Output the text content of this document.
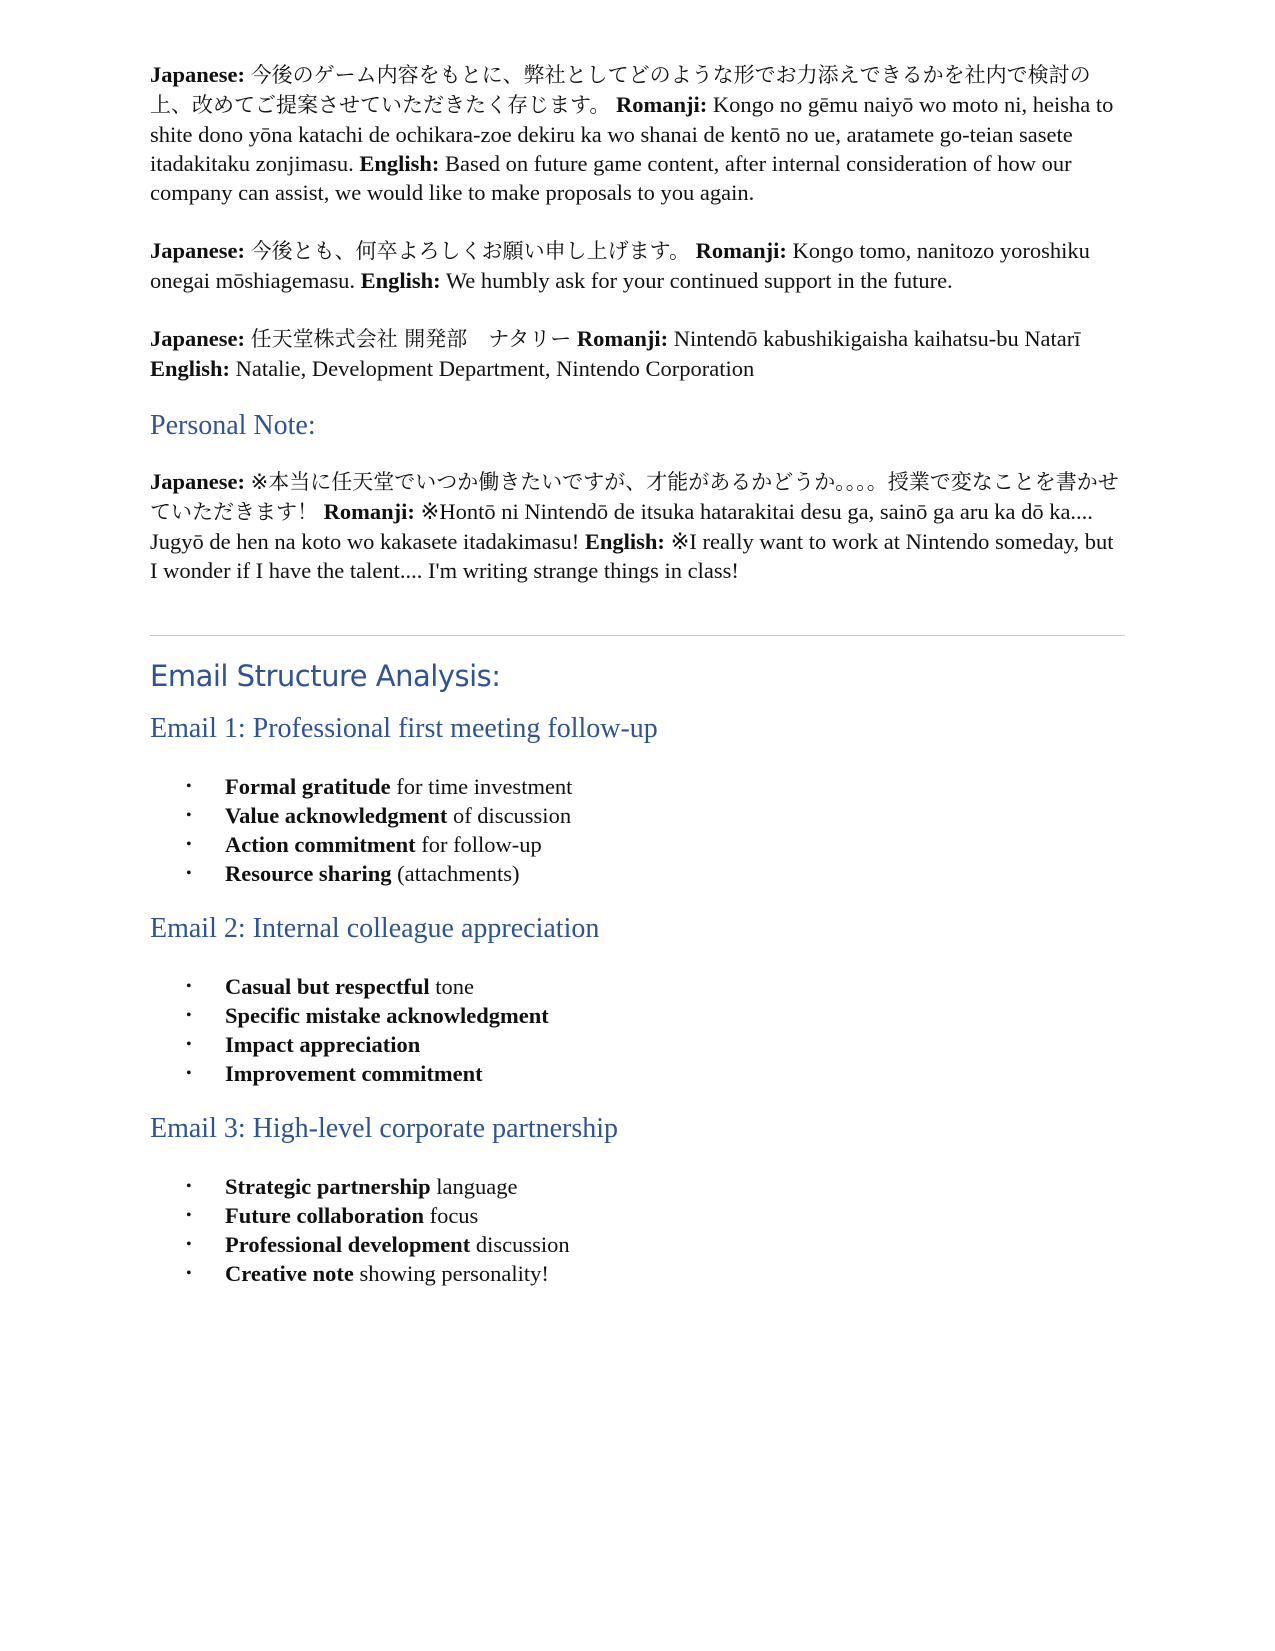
Japanese: 今後のゲーム内容をもとに、弊社としてどのような形でお力添えできるかを社内で検討の上、改めてご提案させていただきたく存じます。 Romanji: Kongo no gēmu naiyō wo moto ni, heisha to shite dono yōna katachi de ochikara-zoe dekiru ka wo shanai de kentō no ue, aratamete go-teian sasete itadakitaku zonjimasu. English: Based on future game content, after internal consideration of how our company can assist, we would like to make proposals to you again.

Japanese: 今後とも、何卒よろしくお願い申し上げます。 Romanji: Kongo tomo, nanitozo yoroshiku onegai mōshiagemasu. English: We humbly ask for your continued support in the future.

Japanese: 任天堂株式会社 開発部　ナタリー Romanji: Nintendō kabushikigaisha kaihatsu-bu Natarī English: Natalie, Development Department, Nintendo Corporation

Personal Note:

Japanese: ※本当に任天堂でいつか働きたいですが、才能があるかどうか。。。。授業で変なことを書かせていただきます！ Romanji: ※Hontō ni Nintendō de itsuka hatarakitai desu ga, sainō ga aru ka dō ka.... Jugyō de hen na koto wo kakasete itadakimasu! English: ※I really want to work at Nintendo someday, but I wonder if I have the talent.... I'm writing strange things in class!

Email Structure Analysis:
Email 1: Professional first meeting follow-up
• Formal gratitude for time investment
• Value acknowledgment of discussion
• Action commitment for follow-up
• Resource sharing (attachments)
Email 2: Internal colleague appreciation
• Casual but respectful tone
• Specific mistake acknowledgment
• Impact appreciation
• Improvement commitment
Email 3: High-level corporate partnership
• Strategic partnership language
• Future collaboration focus
• Professional development discussion
• Creative note showing personality!
